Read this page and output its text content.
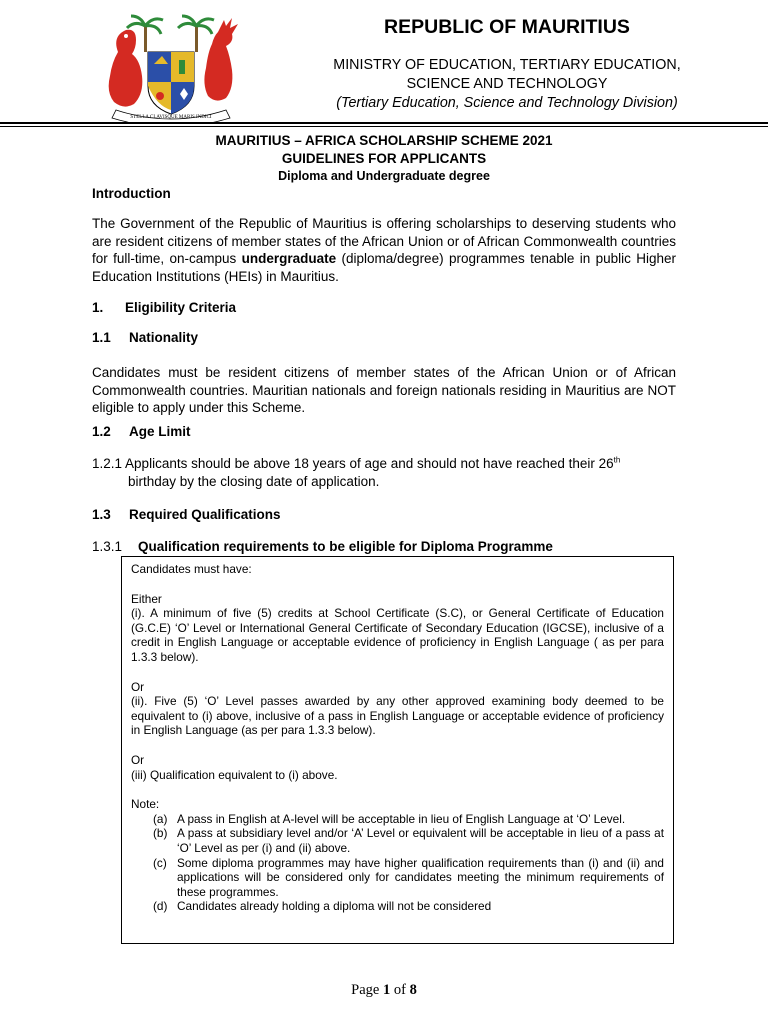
STELLA CLAVISQUE MARIS INDICI
REPUBLIC OF MAURITIUS
MINISTRY OF EDUCATION, TERTIARY EDUCATION,
SCIENCE AND TECHNOLOGY
(Tertiary Education, Science and Technology Division)
MAURITIUS – AFRICA SCHOLARSHIP SCHEME 2021
GUIDELINES FOR APPLICANTS
Diploma and Undergraduate degree
Introduction

The Government of the Republic of Mauritius is offering scholarships to deserving students who are resident citizens of member states of the African Union or of African Commonwealth countries for full-time, on-campus undergraduate (diploma/degree) programmes tenable in public Higher Education Institutions (HEIs) in Mauritius.

1. Eligibility Criteria
1.1 Nationality

Candidates must be resident citizens of member states of the African Union or of African Commonwealth countries. Mauritian nationals and foreign nationals residing in Mauritius are NOT eligible to apply under this Scheme.

1.2 Age Limit

1.2.1 Applicants should be above 18 years of age and should not have reached their 26th

birthday by the closing date of application.

1.3 Required Qualifications
1.3.1 Qualification requirements to be eligible for Diploma Programme

Candidates must have:

Either

(i). A minimum of five (5) credits at School Certificate (S.C), or General Certificate of Education (G.C.E) ‘O’ Level or International General Certificate of Secondary Education (IGCSE), inclusive of a credit in English Language or acceptable evidence of proficiency in English Language ( as per para 1.3.3 below).

Or

(ii). Five (5) ‘O’ Level passes awarded by any other approved examining body deemed to be equivalent to (i) above, inclusive of a pass in English Language or acceptable evidence of proficiency in English Language (as per para 1.3.3 below).

Or

(iii) Qualification equivalent to (i) above.

Note:

(a) A pass in English at A-level will be acceptable in lieu of English Language at ‘O’ Level.
(b) A pass at subsidiary level and/or ‘A’ Level or equivalent will be acceptable in lieu of a pass at ‘O’ Level as per (i) and (ii) above.
(c) Some diploma programmes may have higher qualification requirements than (i) and (ii) and applications will be considered only for candidates meeting the minimum requirements of these programmes.
(d) Candidates already holding a diploma will not be considered
Page 1 of 8
